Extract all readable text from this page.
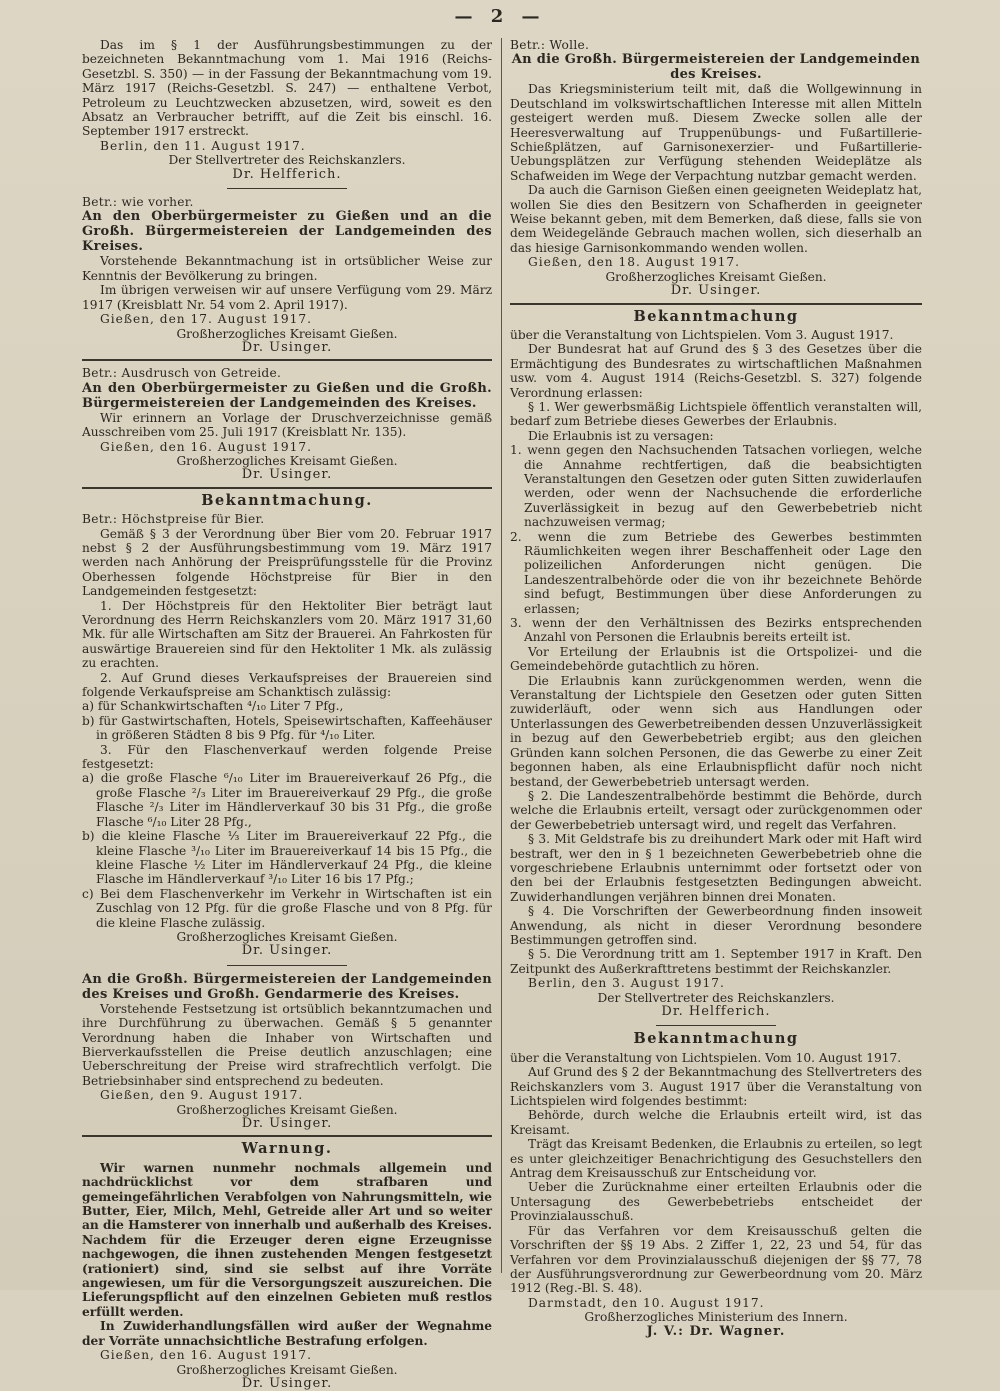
— 2 —

Das im § 1 der Ausführungsbestimmungen zu der bezeichneten Bekanntmachung vom 1. Mai 1916 (Reichs-Gesetzbl. S. 350) — in der Fassung der Bekanntmachung vom 19. März 1917 (Reichs-Gesetzbl. S. 247) — enthaltene Verbot, Petroleum zu Leuchtzwecken abzusetzen, wird, soweit es den Absatz an Verbraucher betrifft, auf die Zeit bis einschl. 16. September 1917 erstreckt.

Berlin, den 11. August 1917.

Der Stellvertreter des Reichskanzlers.

Dr. Helfferich.

Betr.: wie vorher.

An den Oberbürgermeister zu Gießen und an die Großh. Bürgermeistereien der Landgemeinden des Kreises.

Vorstehende Bekanntmachung ist in ortsüblicher Weise zur Kenntnis der Bevölkerung zu bringen.

Im übrigen verweisen wir auf unsere Verfügung vom 29. März 1917 (Kreisblatt Nr. 54 vom 2. April 1917).

Gießen, den 17. August 1917.

Großherzogliches Kreisamt Gießen.

Dr. Usinger.

Betr.: Ausdrusch von Getreide.

An den Oberbürgermeister zu Gießen und die Großh. Bürgermeistereien der Landgemeinden des Kreises.

Wir erinnern an Vorlage der Druschverzeichnisse gemäß Ausschreiben vom 25. Juli 1917 (Kreisblatt Nr. 135).

Gießen, den 16. August 1917.

Großherzogliches Kreisamt Gießen.

Dr. Usinger.

Bekanntmachung.

Betr.: Höchstpreise für Bier.

Gemäß § 3 der Verordnung über Bier vom 20. Februar 1917 nebst § 2 der Ausführungsbestimmung vom 19. März 1917 werden nach Anhörung der Preisprüfungsstelle für die Provinz Oberhessen folgende Höchstpreise für Bier in den Landgemeinden festgesetzt:

1. Der Höchstpreis für den Hektoliter Bier beträgt laut Verordnung des Herrn Reichskanzlers vom 20. März 1917 31,60 Mk. für alle Wirtschaften am Sitz der Brauerei. An Fahrkosten für auswärtige Brauereien sind für den Hektoliter 1 Mk. als zulässig zu erachten.

2. Auf Grund dieses Verkaufspreises der Brauereien sind folgende Verkaufspreise am Schanktisch zulässig:

a) für Schankwirtschaften ⁴/₁₀ Liter 7 Pfg.,

b) für Gastwirtschaften, Hotels, Speisewirtschaften, Kaffeehäuser in größeren Städten 8 bis 9 Pfg. für ⁴/₁₀ Liter.

3. Für den Flaschenverkauf werden folgende Preise festgesetzt:

a) die große Flasche ⁶/₁₀ Liter im Brauereiverkauf 26 Pfg., die große Flasche ²/₃ Liter im Brauereiverkauf 29 Pfg., die große Flasche ²/₃ Liter im Händlerverkauf 30 bis 31 Pfg., die große Flasche ⁶/₁₀ Liter 28 Pfg.,

b) die kleine Flasche ⅓ Liter im Brauereiverkauf 22 Pfg., die kleine Flasche ³/₁₀ Liter im Brauereiverkauf 14 bis 15 Pfg., die kleine Flasche ½ Liter im Händlerverkauf 24 Pfg., die kleine Flasche im Händlerverkauf ³/₁₀ Liter 16 bis 17 Pfg.;

c) Bei dem Flaschenverkehr im Verkehr in Wirtschaften ist ein Zuschlag von 12 Pfg. für die große Flasche und von 8 Pfg. für die kleine Flasche zulässig.

Großherzogliches Kreisamt Gießen.

Dr. Usinger.

An die Großh. Bürgermeistereien der Landgemeinden des Kreises und Großh. Gendarmerie des Kreises.

Vorstehende Festsetzung ist ortsüblich bekanntzumachen und ihre Durchführung zu überwachen. Gemäß § 5 genannter Verordnung haben die Inhaber von Wirtschaften und Bierverkaufsstellen die Preise deutlich anzuschlagen; eine Ueberschreitung der Preise wird strafrechtlich verfolgt. Die Betriebsinhaber sind entsprechend zu bedeuten.

Gießen, den 9. August 1917.

Großherzogliches Kreisamt Gießen.

Dr. Usinger.

Warnung.

Wir warnen nunmehr nochmals allgemein und nachdrücklichst vor dem strafbaren und gemeingefährlichen Verabfolgen von Nahrungsmitteln, wie Butter, Eier, Milch, Mehl, Getreide aller Art und so weiter an die Hamsterer von innerhalb und außerhalb des Kreises. Nachdem für die Erzeuger deren eigne Erzeugnisse nachgewogen, die ihnen zustehenden Mengen festgesetzt (rationiert) sind, sind sie selbst auf ihre Vorräte angewiesen, um für die Versorgungszeit auszureichen. Die Lieferungspflicht auf den einzelnen Gebieten muß restlos erfüllt werden.

In Zuwiderhandlungsfällen wird außer der Wegnahme der Vorräte unnachsichtliche Bestrafung erfolgen.

Gießen, den 16. August 1917.

Großherzogliches Kreisamt Gießen.

Dr. Usinger.

Betr.: Wolle.

An die Großh. Bürgermeistereien der Landgemeinden des Kreises.

Das Kriegsministerium teilt mit, daß die Wollgewinnung in Deutschland im volkswirtschaftlichen Interesse mit allen Mitteln gesteigert werden muß. Diesem Zwecke sollen alle der Heeresverwaltung auf Truppenübungs- und Fußartillerie-Schießplätzen, auf Garnisonexerzier- und Fußartillerie-Uebungsplätzen zur Verfügung stehenden Weideplätze als Schafweiden im Wege der Verpachtung nutzbar gemacht werden.

Da auch die Garnison Gießen einen geeigneten Weideplatz hat, wollen Sie dies den Besitzern von Schafherden in geeigneter Weise bekannt geben, mit dem Bemerken, daß diese, falls sie von dem Weidegelände Gebrauch machen wollen, sich dieserhalb an das hiesige Garnisonkommando wenden wollen.

Gießen, den 18. August 1917.

Großherzogliches Kreisamt Gießen.

Dr. Usinger.

Bekanntmachung

über die Veranstaltung von Lichtspielen. Vom 3. August 1917.

Der Bundesrat hat auf Grund des § 3 des Gesetzes über die Ermächtigung des Bundesrates zu wirtschaftlichen Maßnahmen usw. vom 4. August 1914 (Reichs-Gesetzbl. S. 327) folgende Verordnung erlassen:

§ 1. Wer gewerbsmäßig Lichtspiele öffentlich veranstalten will, bedarf zum Betriebe dieses Gewerbes der Erlaubnis.

Die Erlaubnis ist zu versagen:

1. wenn gegen den Nachsuchenden Tatsachen vorliegen, welche die Annahme rechtfertigen, daß die beabsichtigten Veranstaltungen den Gesetzen oder guten Sitten zuwiderlaufen werden, oder wenn der Nachsuchende die erforderliche Zuverlässigkeit in bezug auf den Gewerbebetrieb nicht nachzuweisen vermag;

2. wenn die zum Betriebe des Gewerbes bestimmten Räumlichkeiten wegen ihrer Beschaffenheit oder Lage den polizeilichen Anforderungen nicht genügen. Die Landeszentralbehörde oder die von ihr bezeichnete Behörde sind befugt, Bestimmungen über diese Anforderungen zu erlassen;

3. wenn der den Verhältnissen des Bezirks entsprechenden Anzahl von Personen die Erlaubnis bereits erteilt ist.

Vor Erteilung der Erlaubnis ist die Ortspolizei- und die Gemeindebehörde gutachtlich zu hören.

Die Erlaubnis kann zurückgenommen werden, wenn die Veranstaltung der Lichtspiele den Gesetzen oder guten Sitten zuwiderläuft, oder wenn sich aus Handlungen oder Unterlassungen des Gewerbetreibenden dessen Unzuverlässigkeit in bezug auf den Gewerbebetrieb ergibt; aus den gleichen Gründen kann solchen Personen, die das Gewerbe zu einer Zeit begonnen haben, als eine Erlaubnispflicht dafür noch nicht bestand, der Gewerbebetrieb untersagt werden.

§ 2. Die Landeszentralbehörde bestimmt die Behörde, durch welche die Erlaubnis erteilt, versagt oder zurückgenommen oder der Gewerbebetrieb untersagt wird, und regelt das Verfahren.

§ 3. Mit Geldstrafe bis zu dreihundert Mark oder mit Haft wird bestraft, wer den in § 1 bezeichneten Gewerbebetrieb ohne die vorgeschriebene Erlaubnis unternimmt oder fortsetzt oder von den bei der Erlaubnis festgesetzten Bedingungen abweicht. Zuwiderhandlungen verjähren binnen drei Monaten.

§ 4. Die Vorschriften der Gewerbeordnung finden insoweit Anwendung, als nicht in dieser Verordnung besondere Bestimmungen getroffen sind.

§ 5. Die Verordnung tritt am 1. September 1917 in Kraft. Den Zeitpunkt des Außerkrafttretens bestimmt der Reichskanzler.

Berlin, den 3. August 1917.

Der Stellvertreter des Reichskanzlers.

Dr. Helfferich.

Bekanntmachung

über die Veranstaltung von Lichtspielen. Vom 10. August 1917.

Auf Grund des § 2 der Bekanntmachung des Stellvertreters des Reichskanzlers vom 3. August 1917 über die Veranstaltung von Lichtspielen wird folgendes bestimmt:

Behörde, durch welche die Erlaubnis erteilt wird, ist das Kreisamt.

Trägt das Kreisamt Bedenken, die Erlaubnis zu erteilen, so legt es unter gleichzeitiger Benachrichtigung des Gesuchstellers den Antrag dem Kreisausschuß zur Entscheidung vor.

Ueber die Zurücknahme einer erteilten Erlaubnis oder die Untersagung des Gewerbebetriebs entscheidet der Provinzialausschuß.

Für das Verfahren vor dem Kreisausschuß gelten die Vorschriften der §§ 19 Abs. 2 Ziffer 1, 22, 23 und 54, für das Verfahren vor dem Provinzialausschuß diejenigen der §§ 77, 78 der Ausführungsverordnung zur Gewerbeordnung vom 20. März 1912 (Reg.-Bl. S. 48).

Darmstadt, den 10. August 1917.

Großherzogliches Ministerium des Innern.

J. V.: Dr. Wagner.
